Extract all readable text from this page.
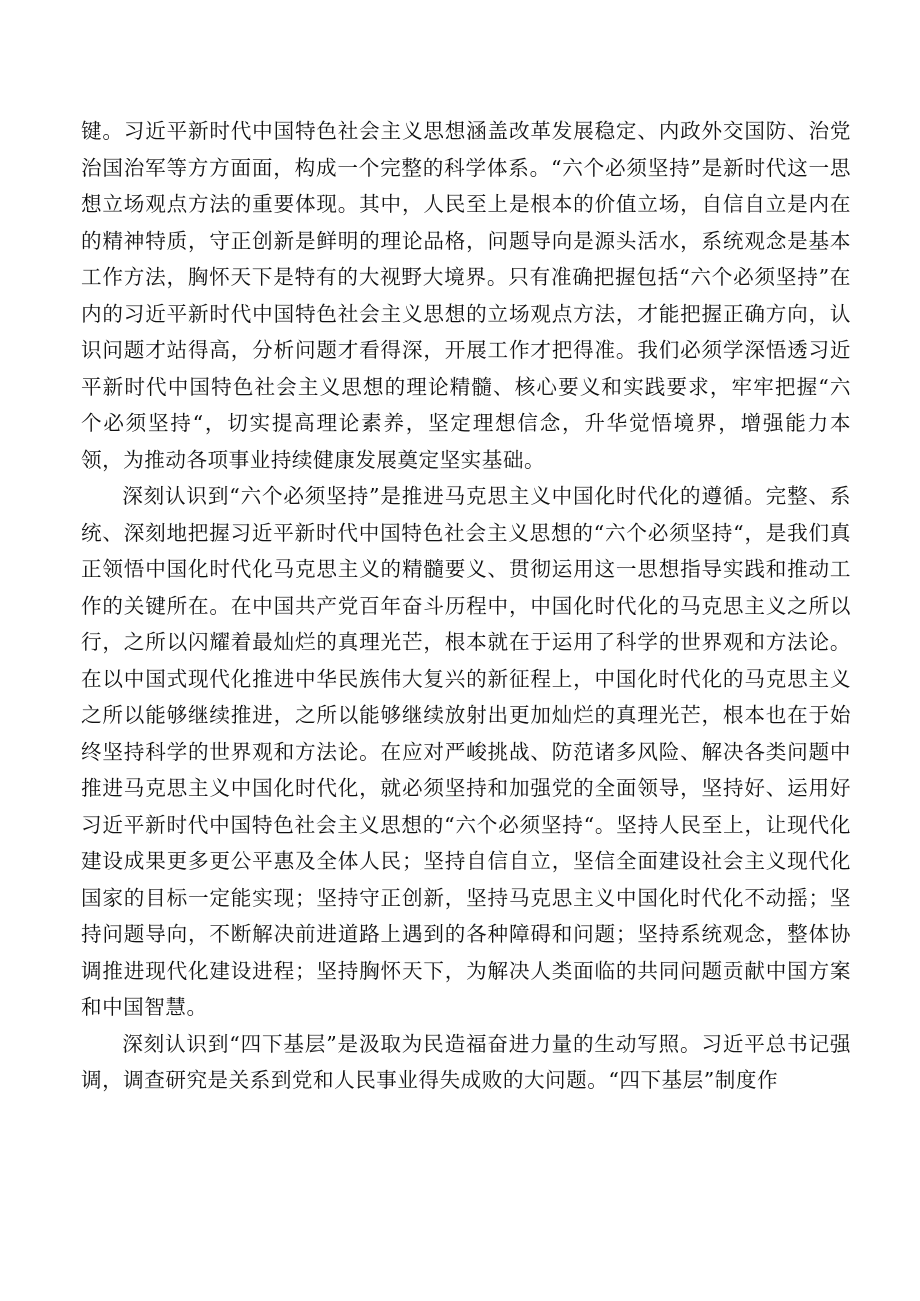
键。习近平新时代中国特色社会主义思想涵盖改革发展稳定、内政外交国防、治党治国治军等方方面面，构成一个完整的科学体系。“六个必须坚持”是新时代这一思想立场观点方法的重要体现。其中，人民至上是根本的价值立场，自信自立是内在的精神特质，守正创新是鲜明的理论品格，问题导向是源头活水，系统观念是基本工作方法，胸怀天下是特有的大视野大境界。只有准确把握包括“六个必须坚持”在内的习近平新时代中国特色社会主义思想的立场观点方法，才能把握正确方向，认识问题才站得高，分析问题才看得深，开展工作才把得准。我们必须学深悟透习近平新时代中国特色社会主义思想的理论精髓、核心要义和实践要求，牢牢把握“六个必须坚持“，切实提高理论素养，坚定理想信念，升华觉悟境界，增强能力本领，为推动各项事业持续健康发展奠定坚实基础。

深刻认识到“六个必须坚持”是推进马克思主义中国化时代化的遵循。完整、系统、深刻地把握习近平新时代中国特色社会主义思想的“六个必须坚持“，是我们真正领悟中国化时代化马克思主义的精髓要义、贯彻运用这一思想指导实践和推动工作的关键所在。在中国共产党百年奋斗历程中，中国化时代化的马克思主义之所以行，之所以闪耀着最灿烂的真理光芒，根本就在于运用了科学的世界观和方法论。在以中国式现代化推进中华民族伟大复兴的新征程上，中国化时代化的马克思主义之所以能够继续推进，之所以能够继续放射出更加灿烂的真理光芒，根本也在于始终坚持科学的世界观和方法论。在应对严峻挑战、防范诸多风险、解决各类问题中推进马克思主义中国化时代化，就必须坚持和加强党的全面领导，坚持好、运用好习近平新时代中国特色社会主义思想的“六个必须坚持“。坚持人民至上，让现代化建设成果更多更公平惠及全体人民；坚持自信自立，坚信全面建设社会主义现代化国家的目标一定能实现；坚持守正创新，坚持马克思主义中国化时代化不动摇；坚持问题导向，不断解决前进道路上遇到的各种障碍和问题；坚持系统观念，整体协调推进现代化建设进程；坚持胸怀天下，为解决人类面临的共同问题贡献中国方案和中国智慧。

深刻认识到“四下基层”是汲取为民造福奋进力量的生动写照。习近平总书记强调，调查研究是关系到党和人民事业得失成败的大问题。“四下基层”制度作
